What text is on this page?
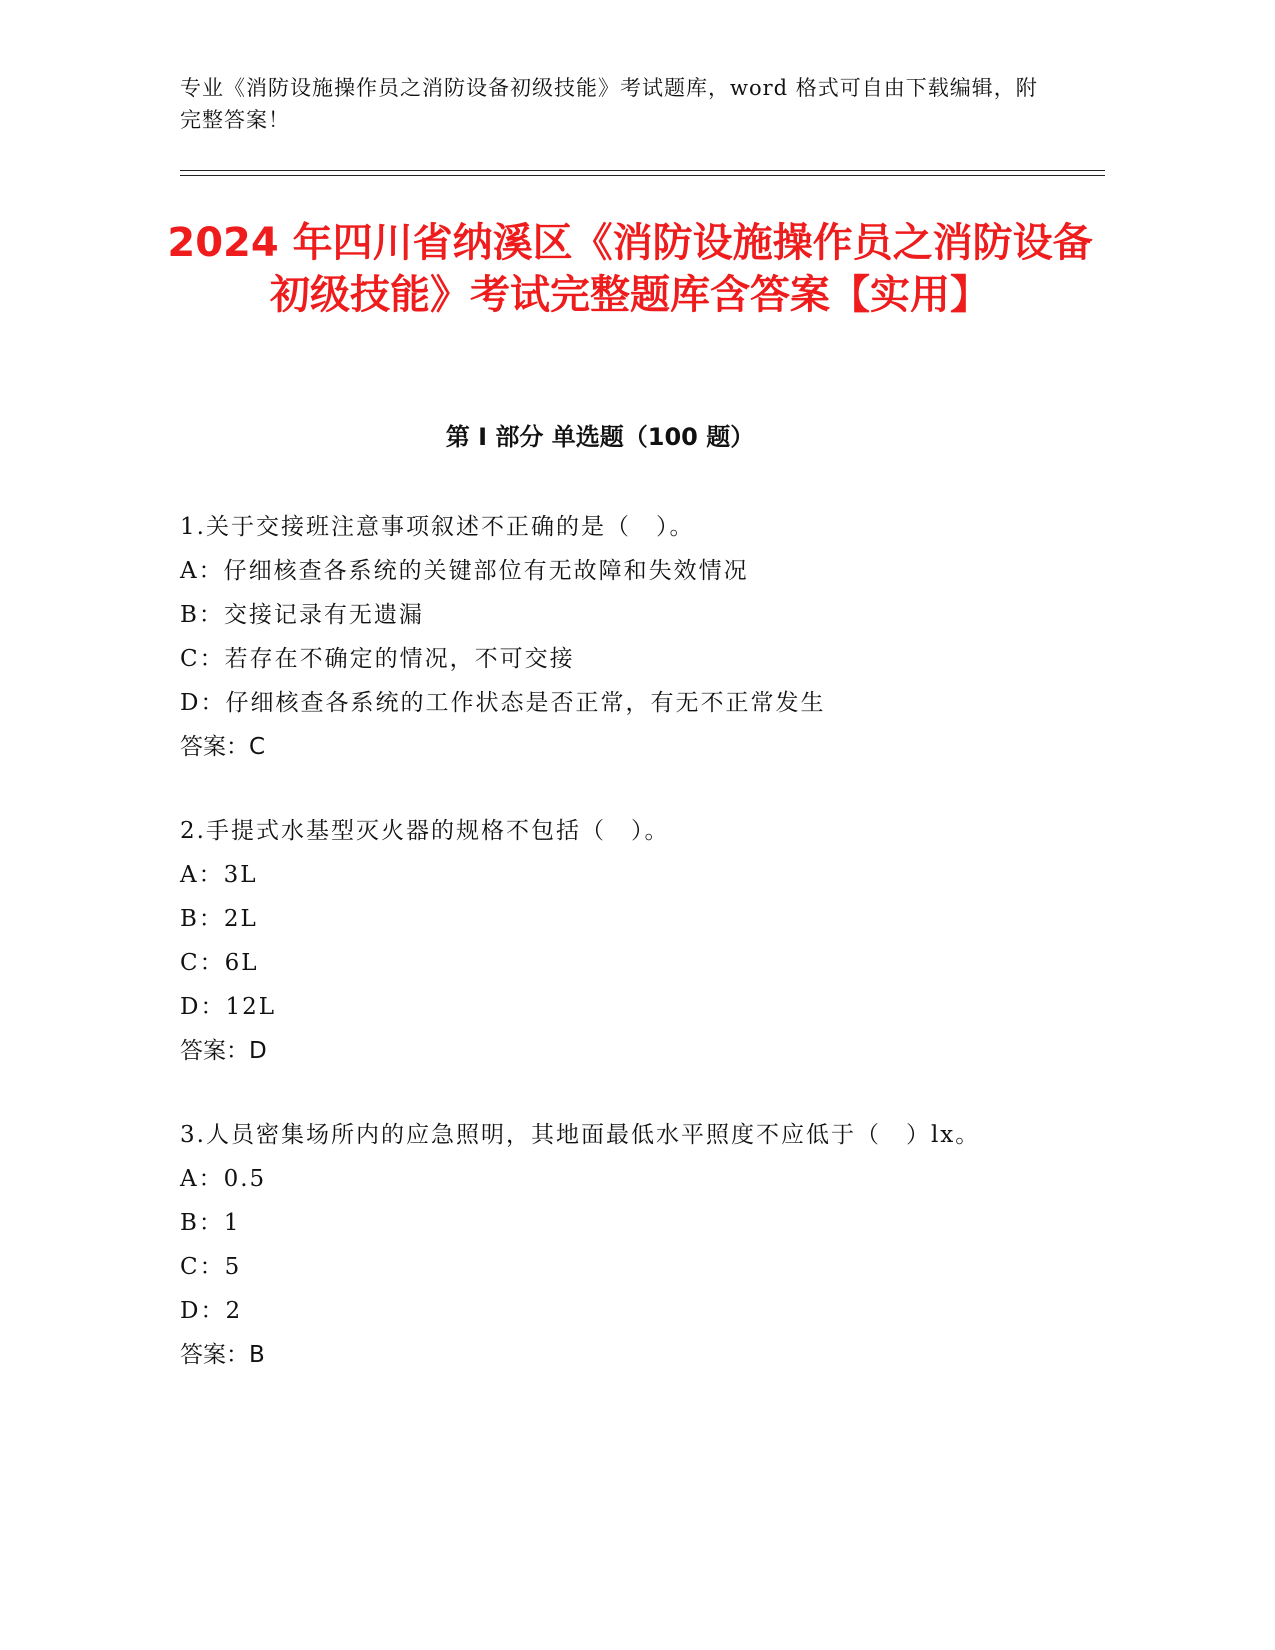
专业《消防设施操作员之消防设备初级技能》考试题库，word 格式可自由下载编辑，附完整答案！
2024 年四川省纳溪区《消防设施操作员之消防设备初级技能》考试完整题库含答案【实用】
第 I 部分 单选题（100 题）

1.关于交接班注意事项叙述不正确的是（　）。

A：仔细核查各系统的关键部位有无故障和失效情况

B：交接记录有无遗漏

C：若存在不确定的情况，不可交接

D：仔细核查各系统的工作状态是否正常，有无不正常发生

答案：C

2.手提式水基型灭火器的规格不包括（　）。

A：3L

B：2L

C：6L

D：12L

答案：D

3.人员密集场所内的应急照明，其地面最低水平照度不应低于（　）lx。

A：0.5

B：1

C：5

D：2

答案：B
